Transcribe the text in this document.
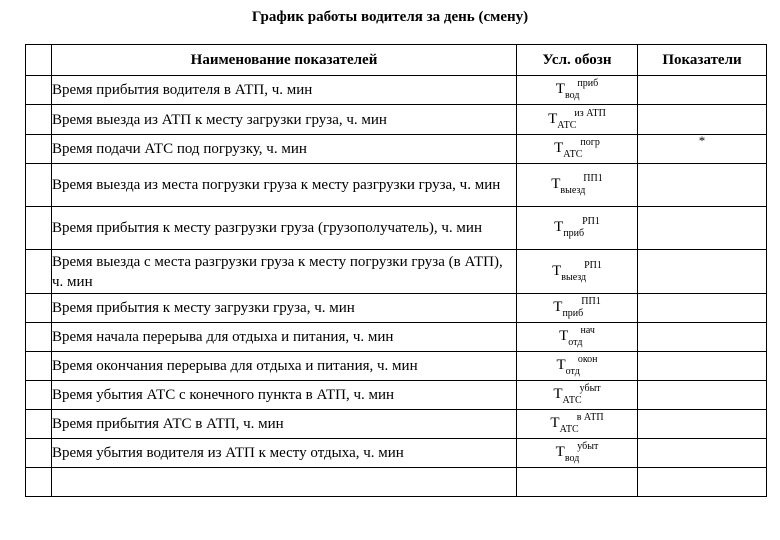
График работы водителя за день (смену)
	Наименование показателей	Усл. обозн	Показатели
	Время прибытия водителя в АТП, ч. мин	$Т_{вод}^{приб}$	
	Время выезда из АТП к месту загрузки груза, ч. мин	$Т_{АТС}^{из АТП}$	
	Время подачи АТС под погрузку, ч. мин	$Т_{АТС}^{погр}$	*
	Время выезда из места погрузки груза к месту разгрузки груза, ч. мин	$Т_{выезд}^{ПП1}$	
	Время прибытия к месту разгрузки груза (грузополучатель), ч. мин	$Т_{приб}^{РП1}$	
	Время выезда с места разгрузки груза к месту погрузки груза (в АТП), ч. мин	$Т_{выезд}^{РП1}$	
	Время прибытия к месту загрузки груза, ч. мин	$Т_{приб}^{ПП1}$	
	Время начала перерыва для отдыха и питания, ч. мин	$Т_{отд}^{нач}$	
	Время окончания перерыва для отдыха и питания, ч. мин	$Т_{отд}^{окон}$	
	Время убытия АТС с конечного пункта в АТП, ч. мин	$Т_{АТС}^{убыт}$	
	Время прибытия АТС в АТП, ч. мин	$Т_{АТС}^{в АТП}$	
	Время убытия водителя из АТП к месту отдыха, ч. мин	$Т_{вод}^{убыт}$	
